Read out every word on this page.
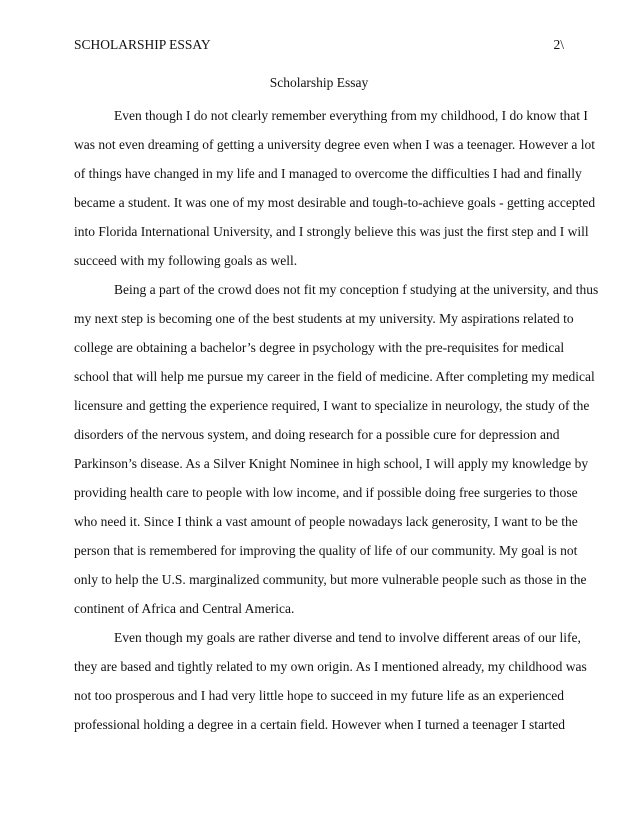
SCHOLARSHIP ESSAY	2\
Scholarship Essay
Even though I do not clearly remember everything from my childhood, I do know that I
was not even dreaming of getting a university degree even when I was a teenager. However a lot
of things have changed in my life and I managed to overcome the difficulties I had and finally
became a student. It was one of my most desirable and tough-to-achieve goals - getting accepted
into Florida International University, and I strongly believe this was just the first step and I will
succeed with my following goals as well.
Being a part of the crowd does not fit my conception f studying at the university, and thus
my next step is becoming one of the best students at my university. My aspirations related to
college are obtaining a bachelor’s degree in psychology with the pre-requisites for medical
school that will help me pursue my career in the field of medicine. After completing my medical
licensure and getting the experience required, I want to specialize in neurology, the study of the
disorders of the nervous system, and doing research for a possible cure for depression and
Parkinson’s disease. As a Silver Knight Nominee in high school, I will apply my knowledge by
providing health care to people with low income, and if possible doing free surgeries to those
who need it. Since I think a vast amount of people nowadays lack generosity, I want to be the
person that is remembered for improving the quality of life of our community. My goal is not
only to help the U.S. marginalized community, but more vulnerable people such as those in the
continent of Africa and Central America.
Even though my goals are rather diverse and tend to involve different areas of our life,
they are based and tightly related to my own origin. As I mentioned already, my childhood was
not too prosperous and I had very little hope to succeed in my future life as an experienced
professional holding a degree in a certain field. However when I turned a teenager I started
